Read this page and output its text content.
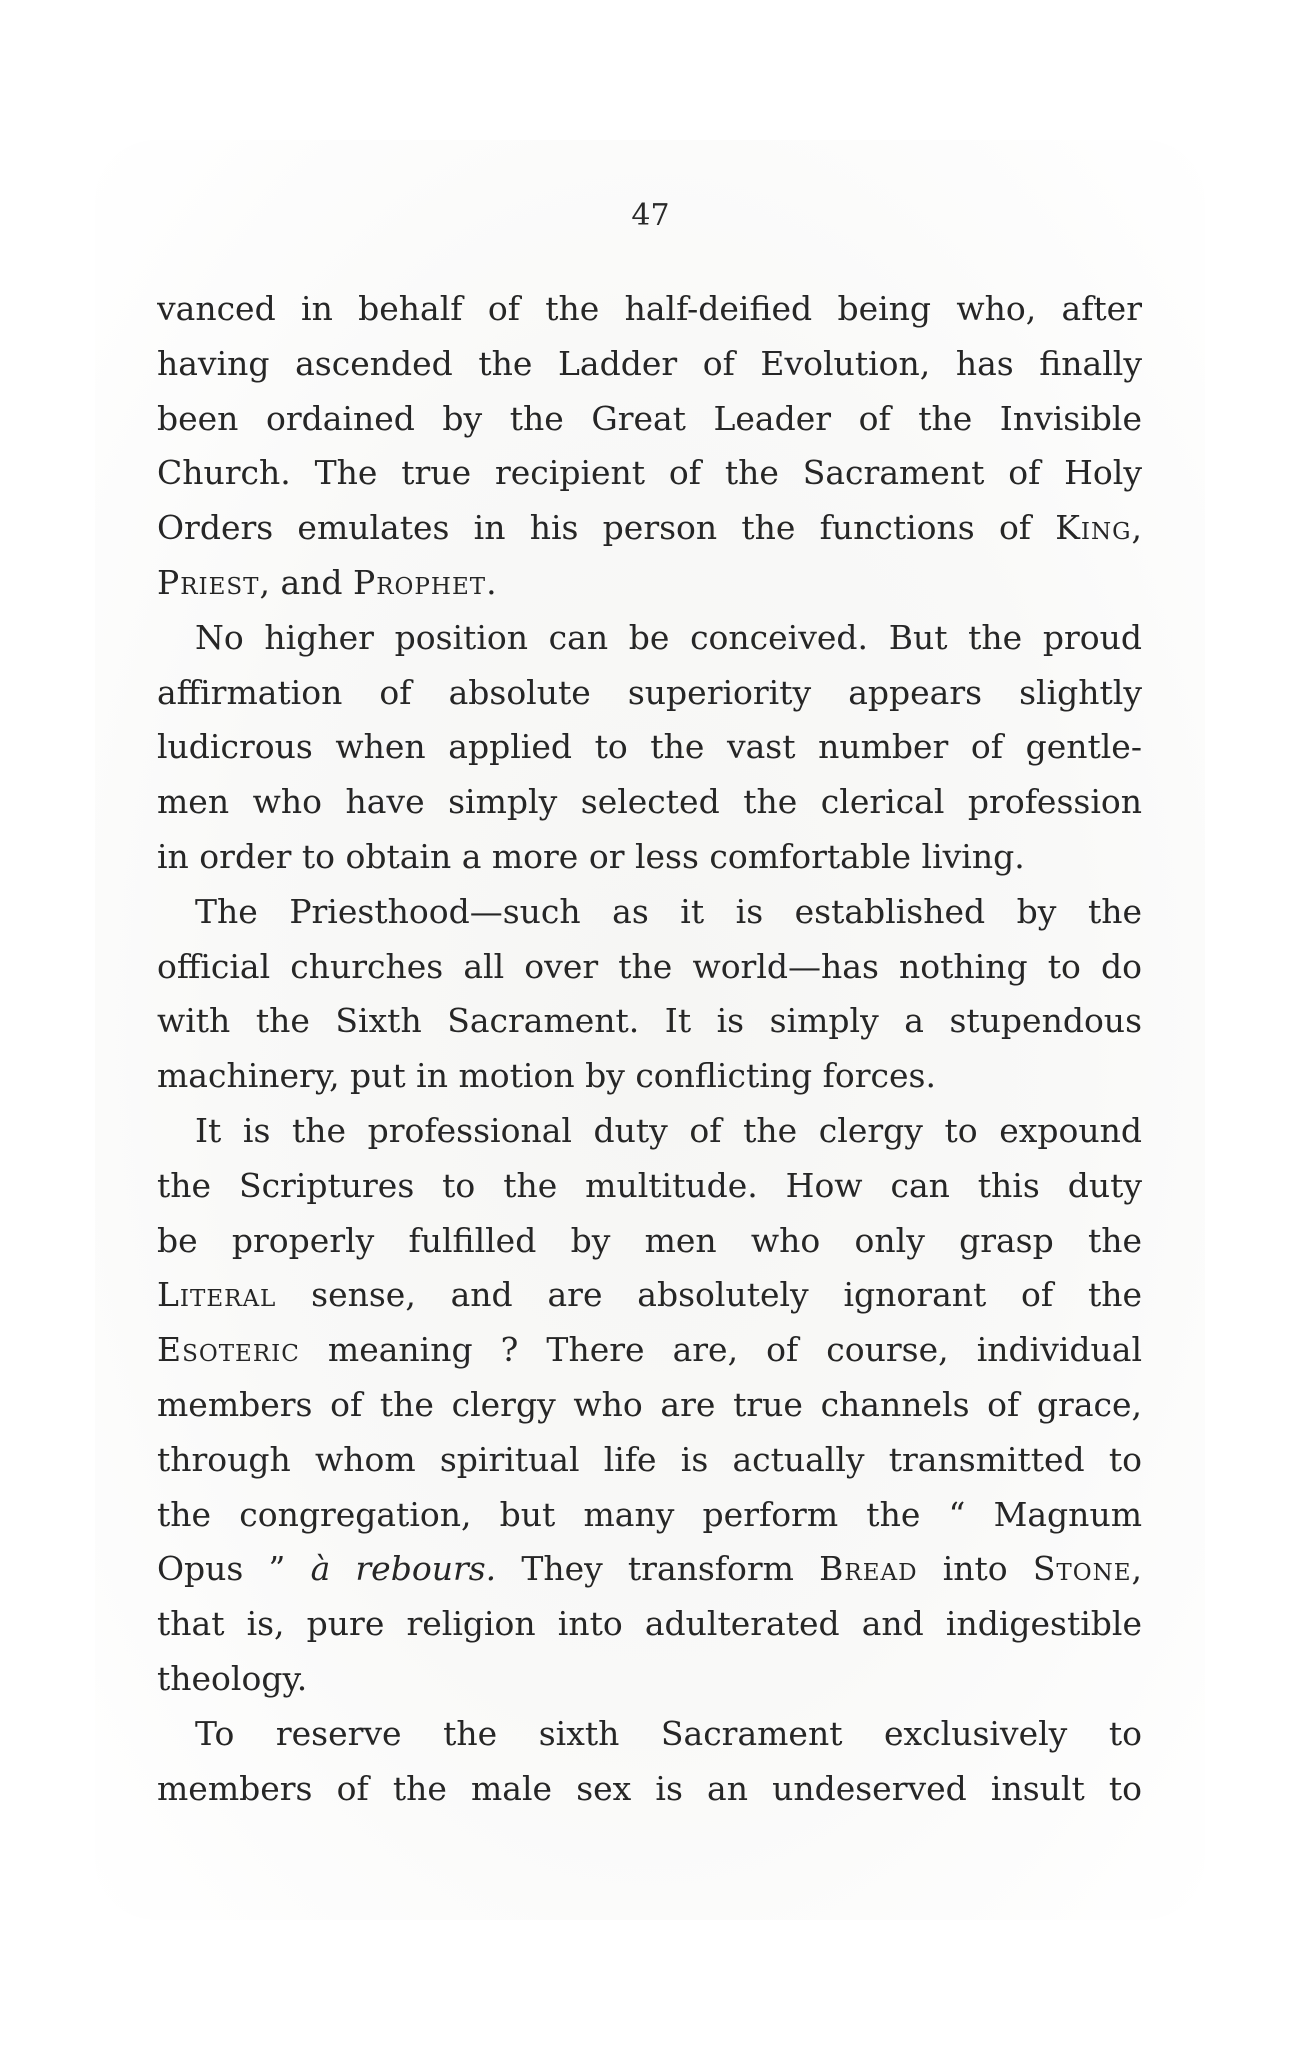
47
vanced in behalf of the half-deified being who, after
having ascended the Ladder of Evolution, has finally
been ordained by the Great Leader of the Invisible
Church. The true recipient of the Sacrament of Holy
Orders emulates in his person the functions of King,
Priest, and Prophet.
No higher position can be conceived. But the proud
affirmation of absolute superiority appears slightly
ludicrous when applied to the vast number of gentle-
men who have simply selected the clerical profession
in order to obtain a more or less comfortable living.
The Priesthood—such as it is established by the
official churches all over the world—has nothing to do
with the Sixth Sacrament. It is simply a stupendous
machinery, put in motion by conflicting forces.
It is the professional duty of the clergy to expound
the Scriptures to the multitude. How can this duty
be properly fulfilled by men who only grasp the
Literal sense, and are absolutely ignorant of the
Esoteric meaning ? There are, of course, individual
members of the clergy who are true channels of grace,
through whom spiritual life is actually transmitted to
the congregation, but many perform the “ Magnum
Opus ” à rebours. They transform Bread into Stone,
that is, pure religion into adulterated and indigestible
theology.
To reserve the sixth Sacrament exclusively to
members of the male sex is an undeserved insult to
